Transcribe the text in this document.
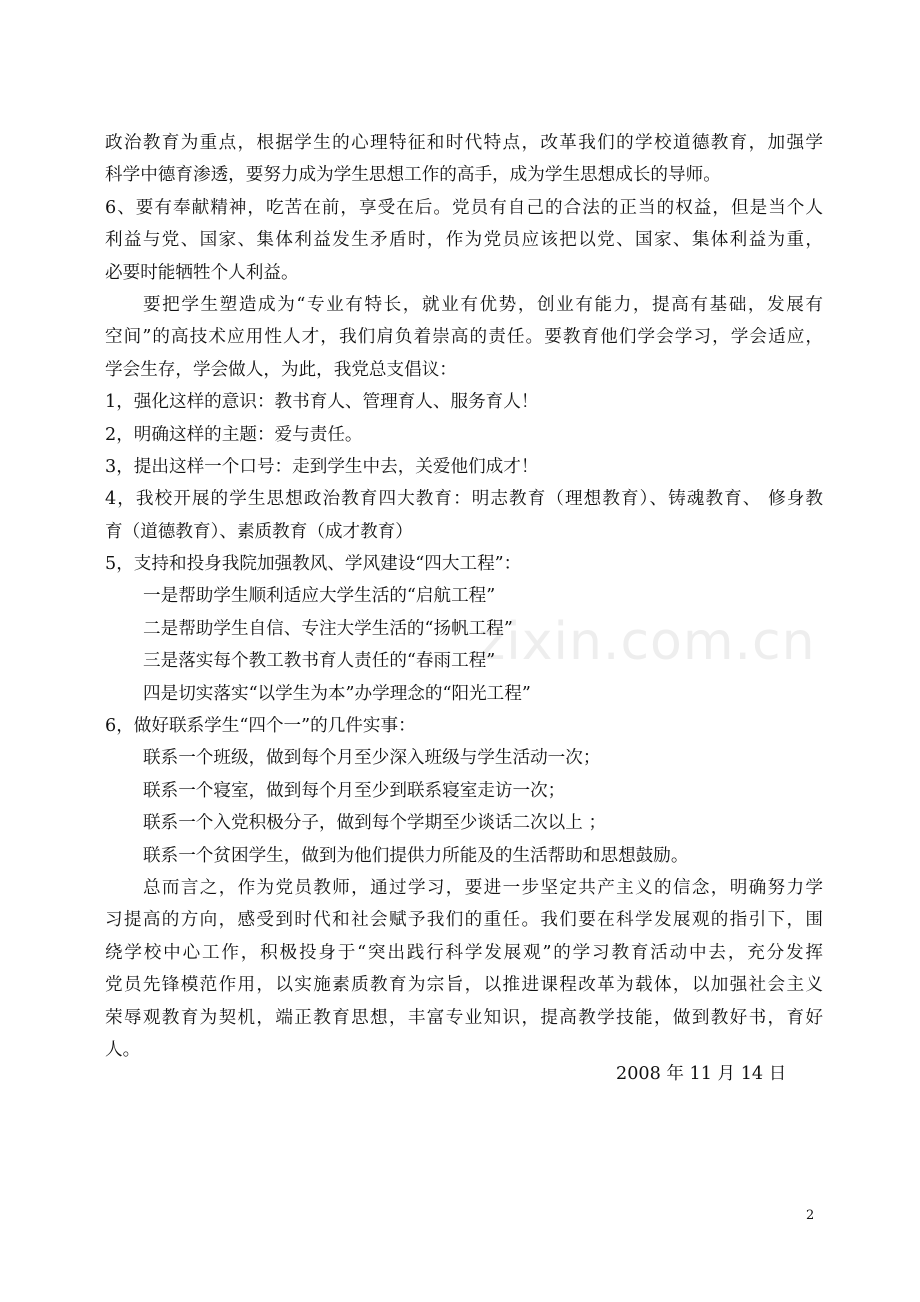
zixin.com.cn
政治教育为重点，根据学生的心理特征和时代特点，改革我们的学校道德教育，加强学
科学中德育渗透，要努力成为学生思想工作的高手，成为学生思想成长的导师。
6、要有奉献精神，吃苦在前，享受在后。党员有自己的合法的正当的权益，但是当个人
利益与党、国家、集体利益发生矛盾时，作为党员应该把以党、国家、集体利益为重，
必要时能牺牲个人利益。
要把学生塑造成为“专业有特长，就业有优势，创业有能力，提高有基础，发展有
空间”的高技术应用性人才，我们肩负着崇高的责任。要教育他们学会学习，学会适应，
学会生存，学会做人，为此，我党总支倡议：
1，强化这样的意识：教书育人、管理育人、服务育人！
2，明确这样的主题：爱与责任。
3，提出这样一个口号：走到学生中去，关爱他们成才！
4，我校开展的学生思想政治教育四大教育：明志教育（理想教育）、铸魂教育、 修身教
育（道德教育）、素质教育（成才教育）
5，支持和投身我院加强教风、学风建设“四大工程”：
一是帮助学生顺利适应大学生活的“启航工程”
二是帮助学生自信、专注大学生活的“扬帆工程”
三是落实每个教工教书育人责任的“春雨工程”
四是切实落实“以学生为本”办学理念的“阳光工程”
6，做好联系学生“四个一”的几件实事：
联系一个班级，做到每个月至少深入班级与学生活动一次；
联系一个寝室，做到每个月至少到联系寝室走访一次；
联系一个入党积极分子，做到每个学期至少谈话二次以上 ；
联系一个贫困学生，做到为他们提供力所能及的生活帮助和思想鼓励。
总而言之，作为党员教师，通过学习，要进一步坚定共产主义的信念，明确努力学
习提高的方向，感受到时代和社会赋予我们的重任。我们要在科学发展观的指引下，围
绕学校中心工作，积极投身于“突出践行科学发展观”的学习教育活动中去，充分发挥
党员先锋模范作用，以实施素质教育为宗旨，以推进课程改革为载体，以加强社会主义
荣辱观教育为契机，端正教育思想，丰富专业知识，提高教学技能，做到教好书，育好
人。
2008 年 11 月 14 日
2
